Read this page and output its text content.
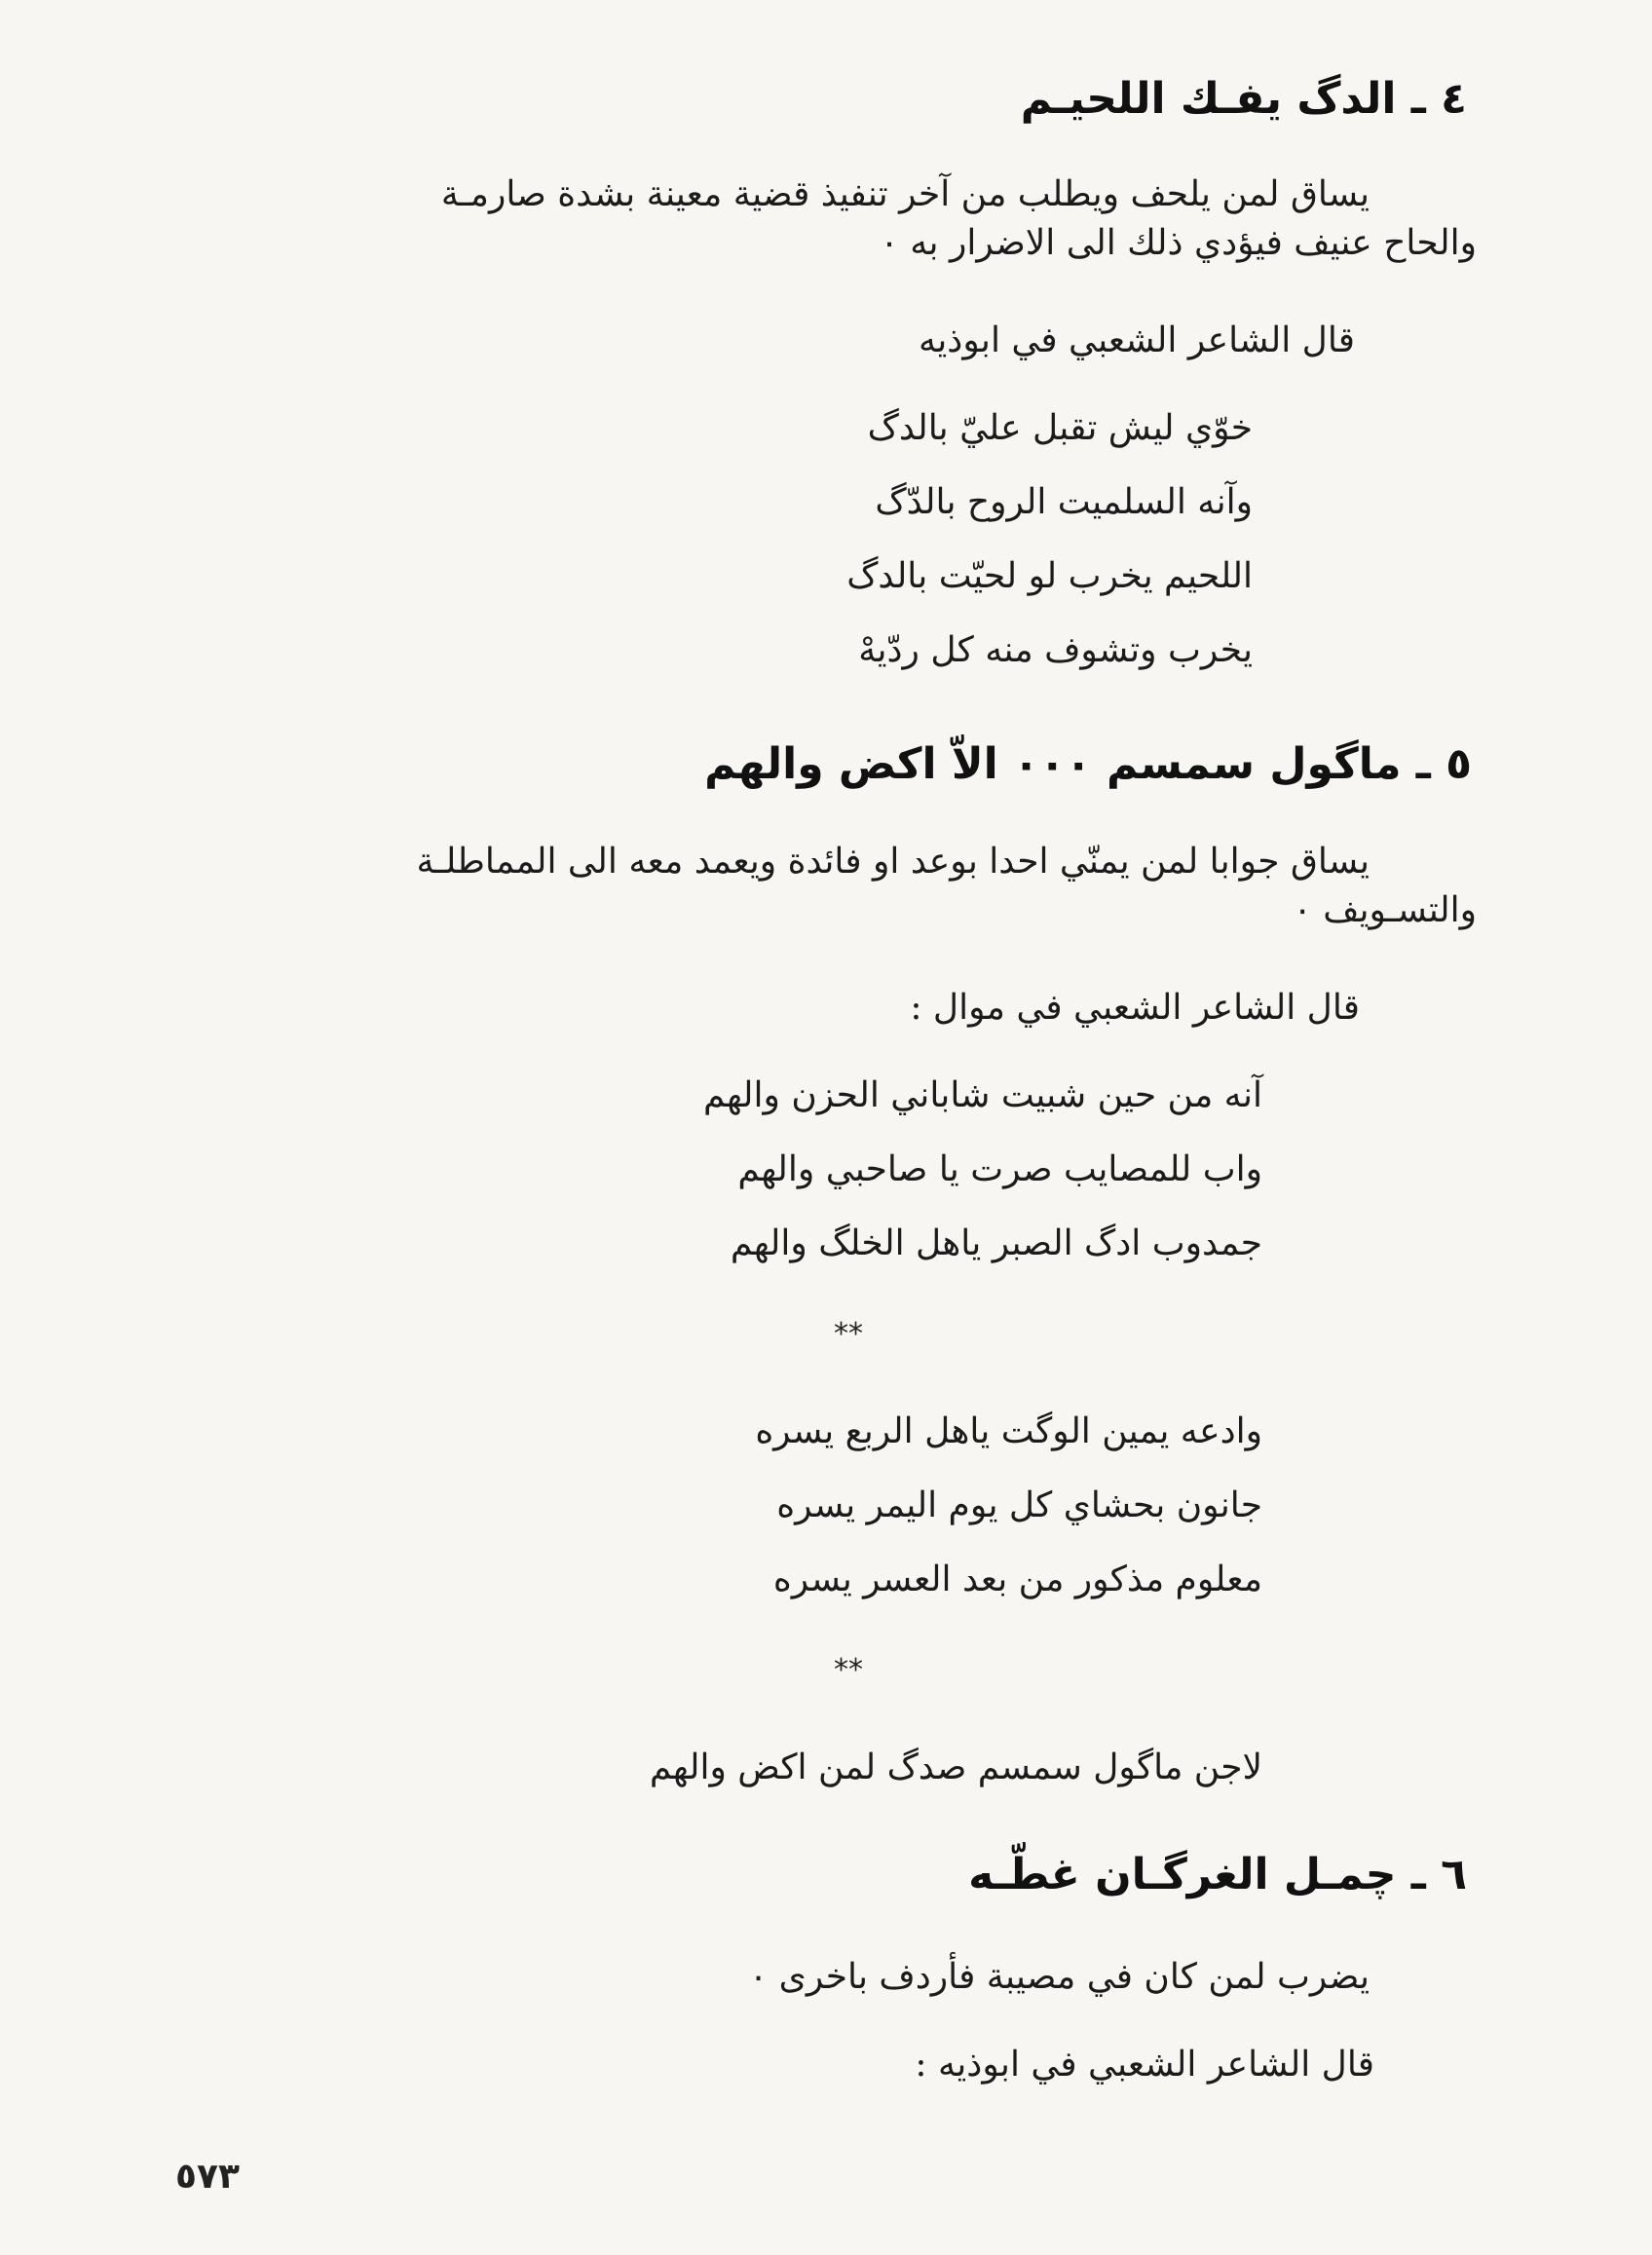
٤ ـ الدگ يفـك اللحيـم
يساق لمن يلحف ويطلب من آخر تنفيذ قضية معينة بشدة صارمـة
والحاح عنيف فيؤدي ذلك الى الاضرار به ٠
قال الشاعر الشعبي في ابوذيه
خوّي ليش تقبل عليّ بالدگ
وآنه السلميت الروح بالدّگ
اللحيم يخرب لو لحيّت بالدگ
يخرب وتشوف منه كل ردّيهْ
٥ ـ ماگول سمسم ٠٠٠ الاّ اكض والهم
يساق جوابا لمن يمنّي احدا بوعد او فائدة ويعمد معه الى المماطلـة
والتسـويف ٠
قال الشاعر الشعبي في موال :
آنه من حين شبيت شاباني الحزن والهم
واب للمصايب صرت يا صاحبي والهم
جمدوب ادگ الصبر ياهل الخلگ والهم
**
وادعه يمين الوگت ياهل الربع يسره
جانون بحشاي كل يوم اليمر يسره
معلوم مذكور من بعد العسر يسره
**
لاجن ماگول سمسم صدگ لمن اكض والهم
٦ ـ چمـل الغرگـان غطّـه
يضرب لمن كان في مصيبة فأردف باخرى ٠
قال الشاعر الشعبي في ابوذيه :
٥٧٣
